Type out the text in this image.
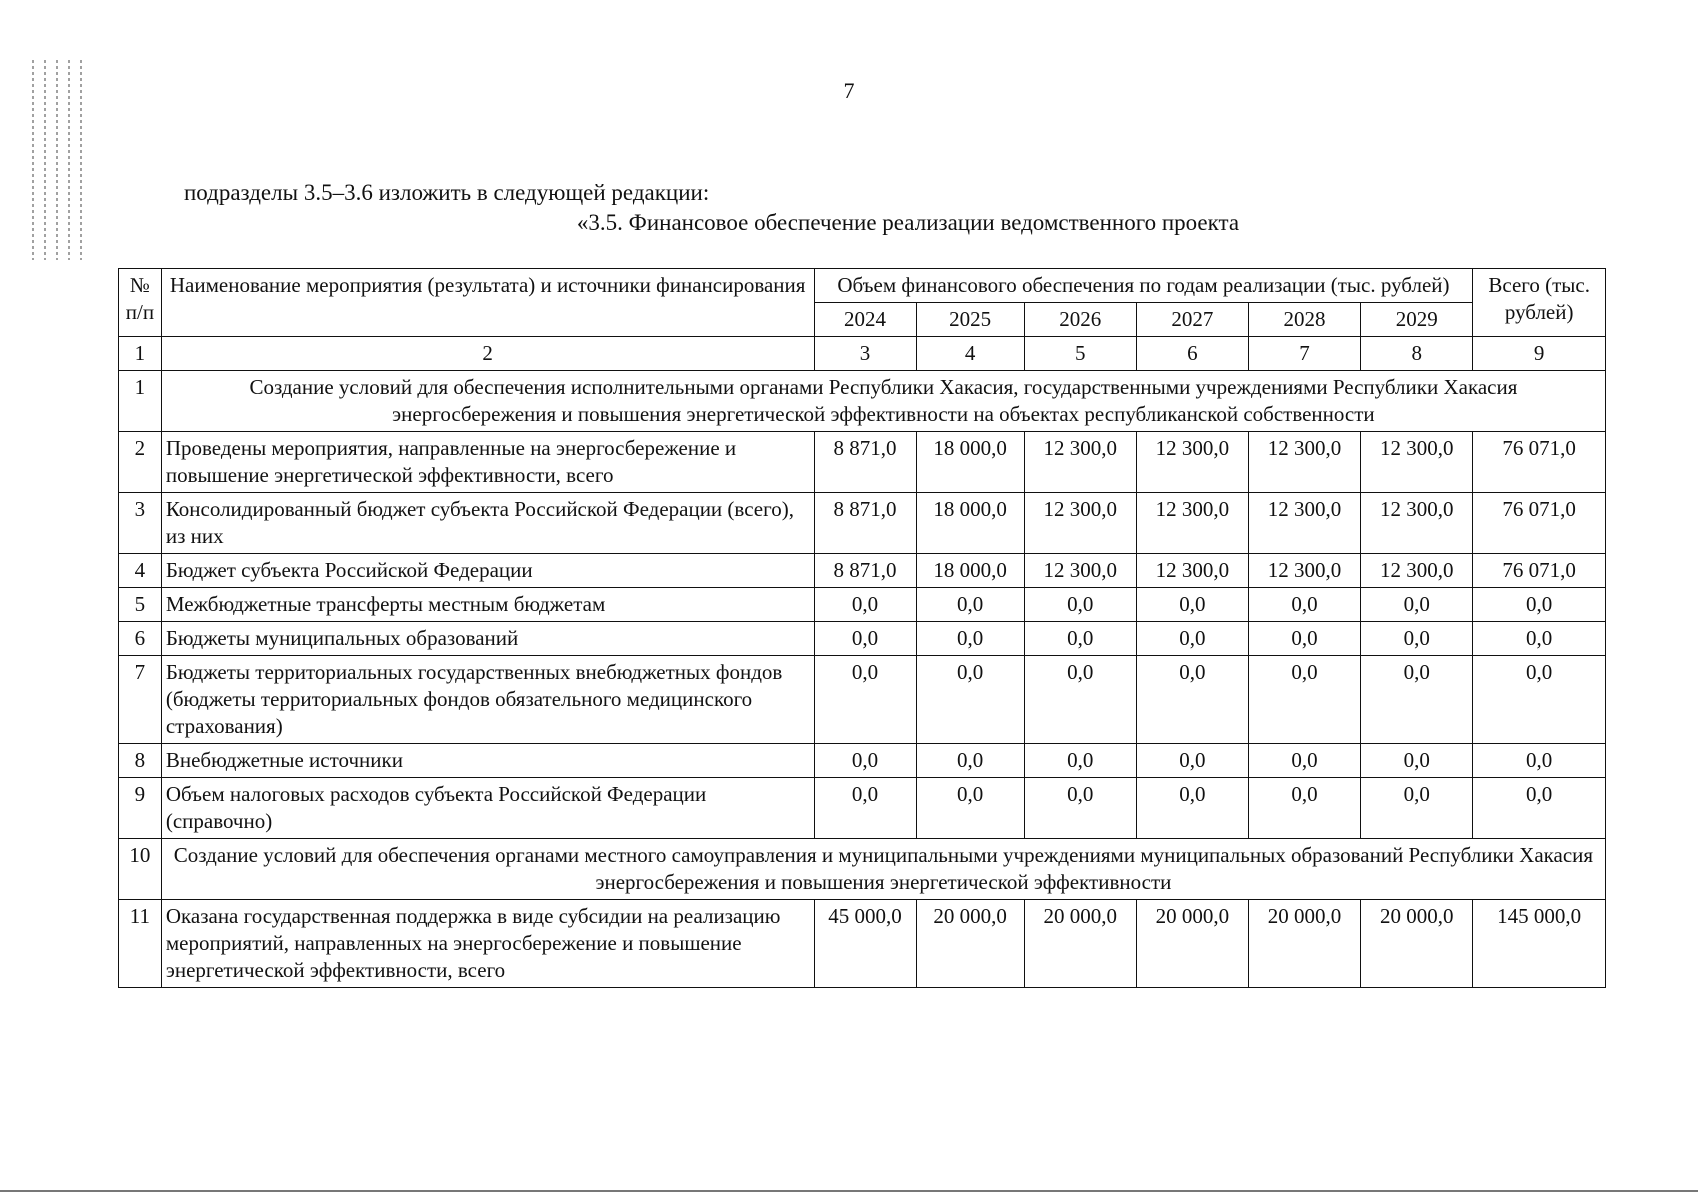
7
подразделы 3.5–3.6 изложить в следующей редакции:
«3.5. Финансовое обеспечение реализации ведомственного проекта
№ п/п	Наименование мероприятия (результата) и источники финансирования	Объем финансового обеспечения по годам реализации (тыс. рублей)						Всего (тыс. рублей)
		2024	2025	2026	2027	2028	2029	
1	2	3	4	5	6	7	8	9
1	Создание условий для обеспечения исполнительными органами Республики Хакасия, государственными учреждениями Республики Хакасия энергосбережения и повышения энергетической эффективности на объектах республиканской собственности							
2	Проведены мероприятия, направленные на энергосбережение и повышение энергетической эффективности, всего	8 871,0	18 000,0	12 300,0	12 300,0	12 300,0	12 300,0	76 071,0
3	Консолидированный бюджет субъекта Российской Федерации (всего), из них	8 871,0	18 000,0	12 300,0	12 300,0	12 300,0	12 300,0	76 071,0
4	Бюджет субъекта Российской Федерации	8 871,0	18 000,0	12 300,0	12 300,0	12 300,0	12 300,0	76 071,0
5	Межбюджетные трансферты местным бюджетам	0,0	0,0	0,0	0,0	0,0	0,0	0,0
6	Бюджеты муниципальных образований	0,0	0,0	0,0	0,0	0,0	0,0	0,0
7	Бюджеты территориальных государственных внебюджетных фондов (бюджеты территориальных фондов обязательного медицинского страхования)	0,0	0,0	0,0	0,0	0,0	0,0	0,0
8	Внебюджетные источники	0,0	0,0	0,0	0,0	0,0	0,0	0,0
9	Объем налоговых расходов субъекта Российской Федерации (справочно)	0,0	0,0	0,0	0,0	0,0	0,0	0,0
10	Создание условий для обеспечения органами местного самоуправления и муниципальными учреждениями муниципальных образований Республики Хакасия энергосбережения и повышения энергетической эффективности							
11	Оказана государственная поддержка в виде субсидии на реализацию мероприятий, направленных на энергосбережение и повышение энергетической эффективности, всего	45 000,0	20 000,0	20 000,0	20 000,0	20 000,0	20 000,0	145 000,0
